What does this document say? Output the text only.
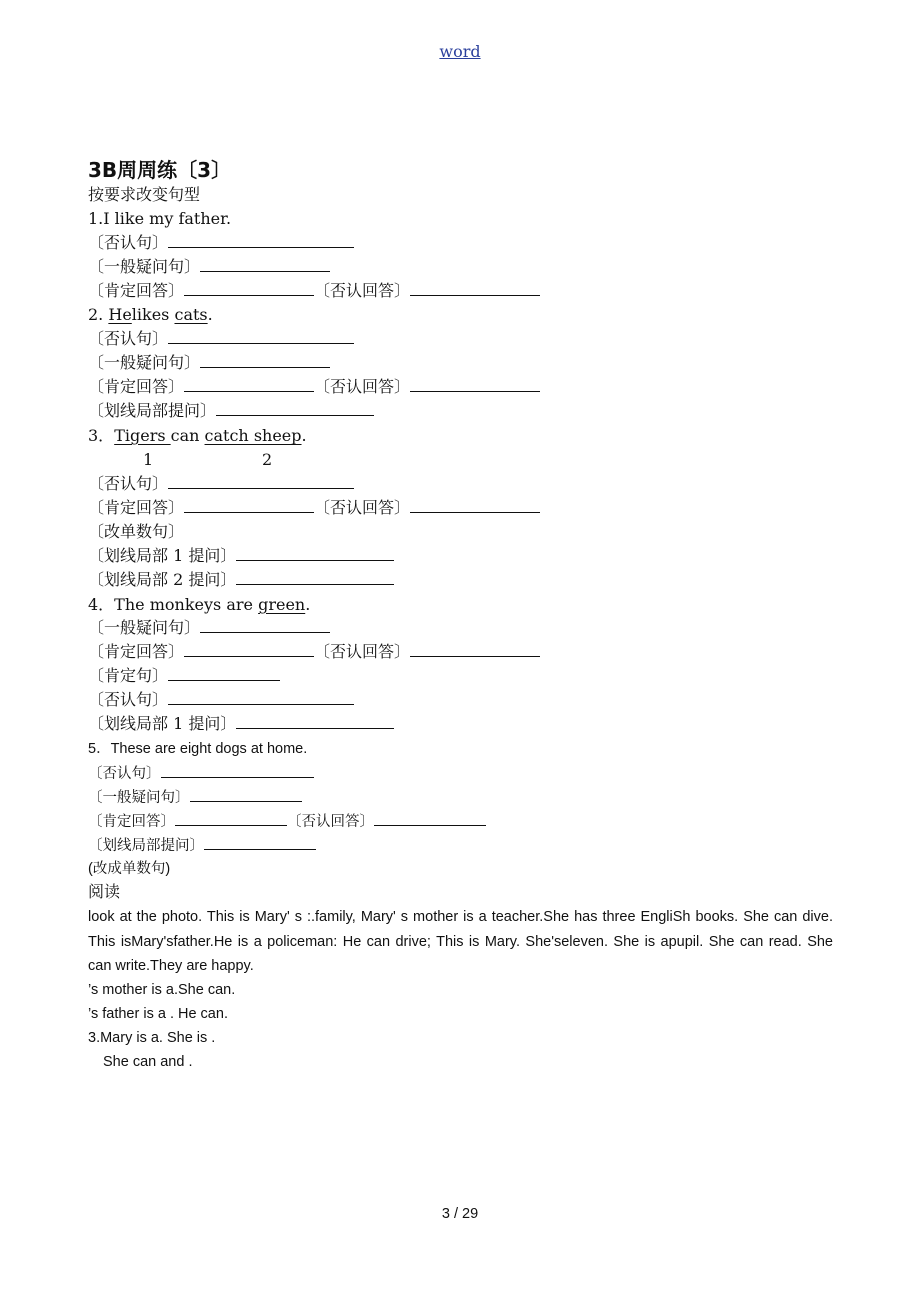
word
3B周周练〔3〕
按要求改变句型
1.I like my father.
〔否认句〕
〔一般疑问句〕
〔肯定回答〕	〔否认回答〕
2. Helikes cats.
〔否认句〕
〔一般疑问句〕
〔肯定回答〕	〔否认回答〕
〔划线局部提问〕
3．Tigers can catch sheep.
1	2
〔否认句〕
〔肯定回答〕	〔否认回答〕
〔改单数句〕
〔划线局部 1 提问〕
〔划线局部 2 提问〕
4．The monkeys are green.
〔一般疑问句〕
〔肯定回答〕	〔否认回答〕
〔肯定句〕
〔否认句〕
〔划线局部 1 提问〕
5．These are eight dogs at home.
〔否认句〕
〔一般疑问句〕
〔肯定回答〕	〔否认回答〕
〔划线局部提问〕
(改成单数句)
阅读
look at the photo. This is Mary' s :.family, Mary' s mother is a teacher.She has three EngliSh books. She can dive. This isMary'sfather.He is a policeman: He can drive; This is Mary. She'seleven. She is apupil. She can read. She can write.They are happy.
’s mother is a.She can.
’s father is a . He can.
3.Mary is a. She is .
She can and .
3 / 29
